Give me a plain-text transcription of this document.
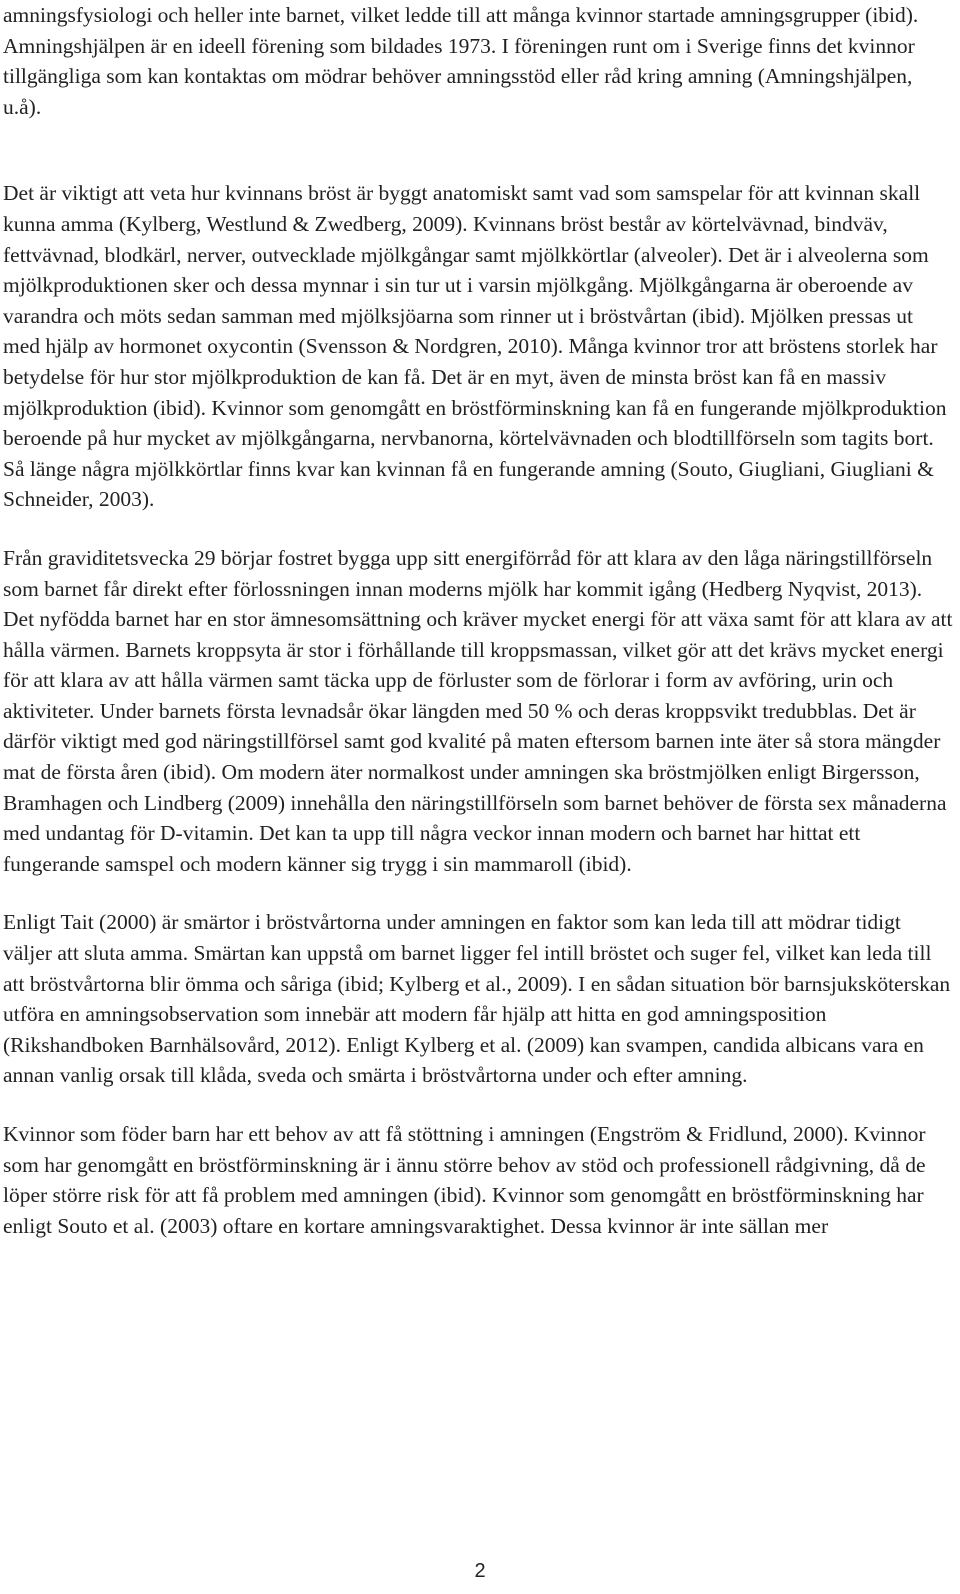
amningsfysiologi och heller inte barnet, vilket ledde till att många kvinnor startade amningsgrupper (ibid). Amningshjälpen är en ideell förening som bildades 1973. I föreningen runt om i Sverige finns det kvinnor tillgängliga som kan kontaktas om mödrar behöver amningsstöd eller råd kring amning (Amningshjälpen, u.å).

Det är viktigt att veta hur kvinnans bröst är byggt anatomiskt samt vad som samspelar för att kvinnan skall kunna amma (Kylberg, Westlund & Zwedberg, 2009). Kvinnans bröst består av körtelvävnad, bindväv, fettvävnad, blodkärl, nerver, outvecklade mjölkgångar samt mjölkkörtlar (alveoler). Det är i alveolerna som mjölkproduktionen sker och dessa mynnar i sin tur ut i varsin mjölkgång. Mjölkgångarna är oberoende av varandra och möts sedan samman med mjölksjöarna som rinner ut i bröstvårtan (ibid). Mjölken pressas ut med hjälp av hormonet oxycontin (Svensson & Nordgren, 2010). Många kvinnor tror att bröstens storlek har betydelse för hur stor mjölkproduktion de kan få. Det är en myt, även de minsta bröst kan få en massiv mjölkproduktion (ibid). Kvinnor som genomgått en bröstförminskning kan få en fungerande mjölkproduktion beroende på hur mycket av mjölkgångarna, nervbanorna, körtelvävnaden och blodtillförseln som tagits bort. Så länge några mjölkkörtlar finns kvar kan kvinnan få en fungerande amning (Souto, Giugliani, Giugliani & Schneider, 2003).

Från graviditetsvecka 29 börjar fostret bygga upp sitt energiförråd för att klara av den låga näringstillförseln som barnet får direkt efter förlossningen innan moderns mjölk har kommit igång (Hedberg Nyqvist, 2013). Det nyfödda barnet har en stor ämnesomsättning och kräver mycket energi för att växa samt för att klara av att hålla värmen. Barnets kroppsyta är stor i förhållande till kroppsmassan, vilket gör att det krävs mycket energi för att klara av att hålla värmen samt täcka upp de förluster som de förlorar i form av avföring, urin och aktiviteter. Under barnets första levnadsår ökar längden med 50 % och deras kroppsvikt tredubblas. Det är därför viktigt med god näringstillförsel samt god kvalité på maten eftersom barnen inte äter så stora mängder mat de första åren (ibid). Om modern äter normalkost under amningen ska bröstmjölken enligt Birgersson, Bramhagen och Lindberg (2009) innehålla den näringstillförseln som barnet behöver de första sex månaderna med undantag för D-vitamin. Det kan ta upp till några veckor innan modern och barnet har hittat ett fungerande samspel och modern känner sig trygg i sin mammaroll (ibid).

Enligt Tait (2000) är smärtor i bröstvårtorna under amningen en faktor som kan leda till att mödrar tidigt väljer att sluta amma. Smärtan kan uppstå om barnet ligger fel intill bröstet och suger fel, vilket kan leda till att bröstvårtorna blir ömma och såriga (ibid; Kylberg et al., 2009). I en sådan situation bör barnsjuksköterskan utföra en amningsobservation som innebär att modern får hjälp att hitta en god amningsposition (Rikshandboken Barnhälsovård, 2012). Enligt Kylberg et al. (2009) kan svampen, candida albicans vara en annan vanlig orsak till klåda, sveda och smärta i bröstvårtorna under och efter amning.

Kvinnor som föder barn har ett behov av att få stöttning i amningen (Engström & Fridlund, 2000). Kvinnor som har genomgått en bröstförminskning är i ännu större behov av stöd och professionell rådgivning, då de löper större risk för att få problem med amningen (ibid). Kvinnor som genomgått en bröstförminskning har enligt Souto et al. (2003) oftare en kortare amningsvaraktighet. Dessa kvinnor är inte sällan mer

2
